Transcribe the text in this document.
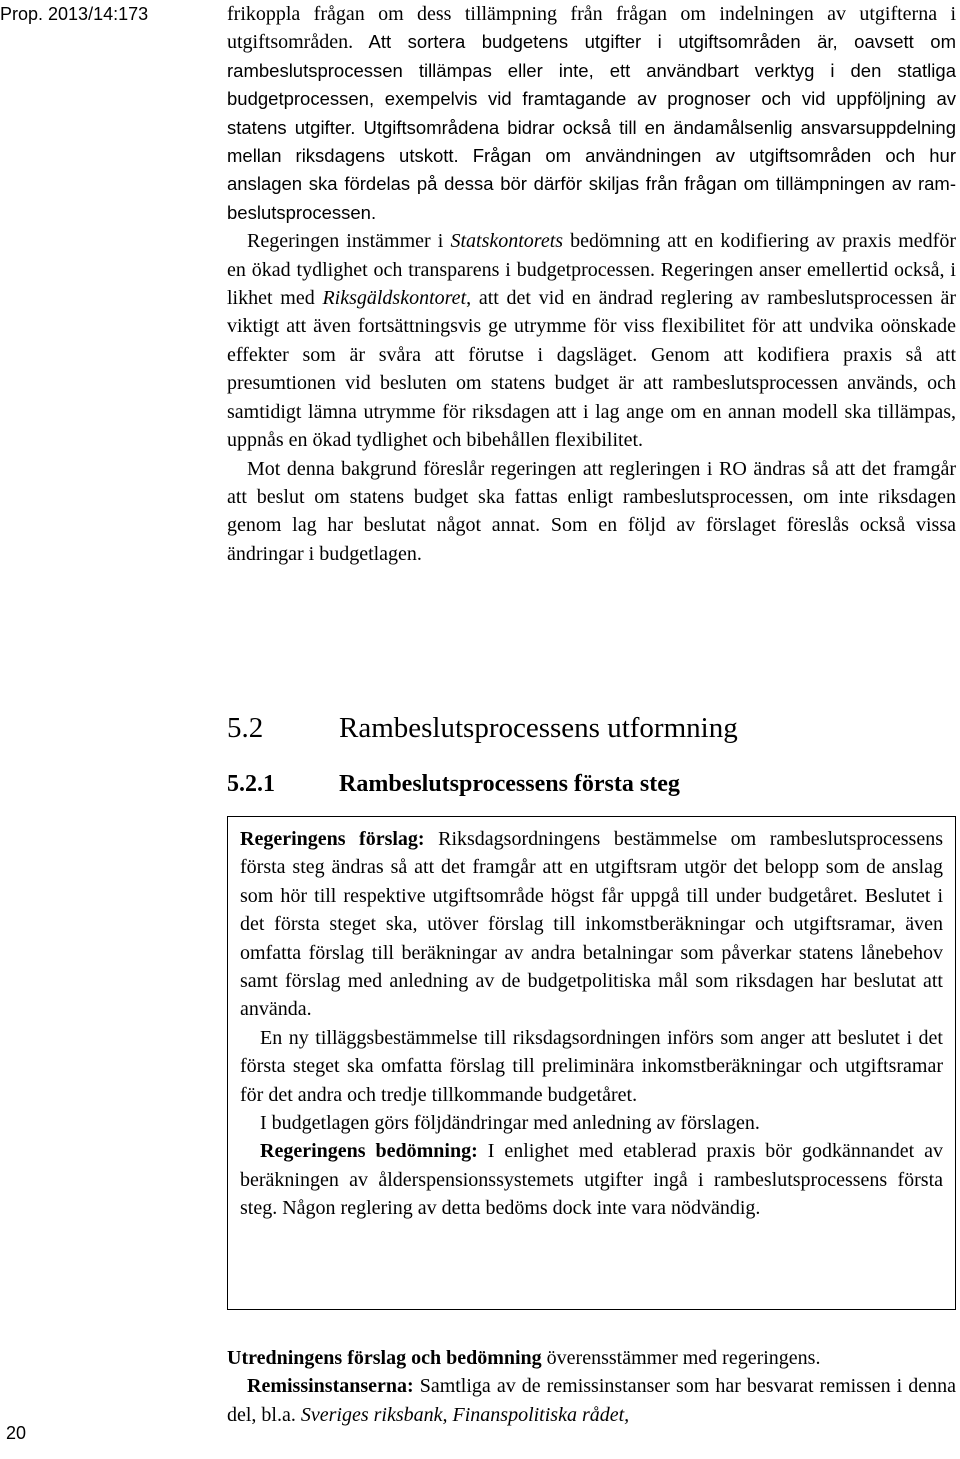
Prop. 2013/14:173	frikoppla frågan om dess tillämpning från frågan om indelningen av utgifterna i utgiftsområden. Att sortera budgetens utgifter i utgiftsområden är, oavsett om rambeslutsprocessen tillämpas eller inte, ett användbart verktyg i den statliga budgetprocessen, exempelvis vid framtagande av prognoser och vid uppföljning av statens utgifter. Utgiftsområdena bidrar också till en ändamålsenlig ansvarsuppdelning mellan riksdagens utskott. Frågan om användningen av utgiftsområden och hur anslagen ska fördelas på dessa bör därför skiljas från frågan om tillämpningen av rambeslutsprocessen.

Regeringen instämmer i Statskontorets bedömning att en kodifiering av praxis medför en ökad tydlighet och transparens i budgetprocessen. Regeringen anser emellertid också, i likhet med Riksgäldskontoret, att det vid en ändrad reglering av rambeslutsprocessen är viktigt att även fortsättningsvis ge utrymme för viss flexibilitet för att undvika oönskade effekter som är svåra att förutse i dagsläget. Genom att kodifiera praxis så att presumtionen vid besluten om statens budget är att rambeslutsprocessen används, och samtidigt lämna utrymme för riksdagen att i lag ange om en annan modell ska tillämpas, uppnås en ökad tydlighet och bibehållen flexibilitet.

Mot denna bakgrund föreslår regeringen att regleringen i RO ändras så att det framgår att beslut om statens budget ska fattas enligt rambeslutsprocessen, om inte riksdagen genom lag har beslutat något annat. Som en följd av förslaget föreslås också vissa ändringar i budgetlagen.

5.2	Rambeslutsprocessens utformning
5.2.1	Rambeslutsprocessens första steg

Regeringens förslag: Riksdagsordningens bestämmelse om rambeslutsprocessens första steg ändras så att det framgår att en utgiftsram utgör det belopp som de anslag som hör till respektive utgiftsområde högst får uppgå till under budgetåret. Beslutet i det första steget ska, utöver förslag till inkomstberäkningar och utgiftsramar, även omfatta förslag till beräkningar av andra betalningar som påverkar statens lånebehov samt förslag med anledning av de budgetpolitiska mål som riksdagen har beslutat att använda.

En ny tilläggsbestämmelse till riksdagsordningen införs som anger att beslutet i det första steget ska omfatta förslag till preliminära inkomstberäkningar och utgiftsramar för det andra och tredje tillkommande budgetåret.

I budgetlagen görs följdändringar med anledning av förslagen.

Regeringens bedömning: I enlighet med etablerad praxis bör godkännandet av beräkningen av ålderspensionssystemets utgifter ingå i rambeslutsprocessens första steg. Någon reglering av detta bedöms dock inte vara nödvändig.

Utredningens förslag och bedömning överensstämmer med regeringens.

Remissinstanserna: Samtliga av de remissinstanser som har besvarat remissen i denna del, bl.a. Sveriges riksbank, Finanspolitiska rådet,

20
